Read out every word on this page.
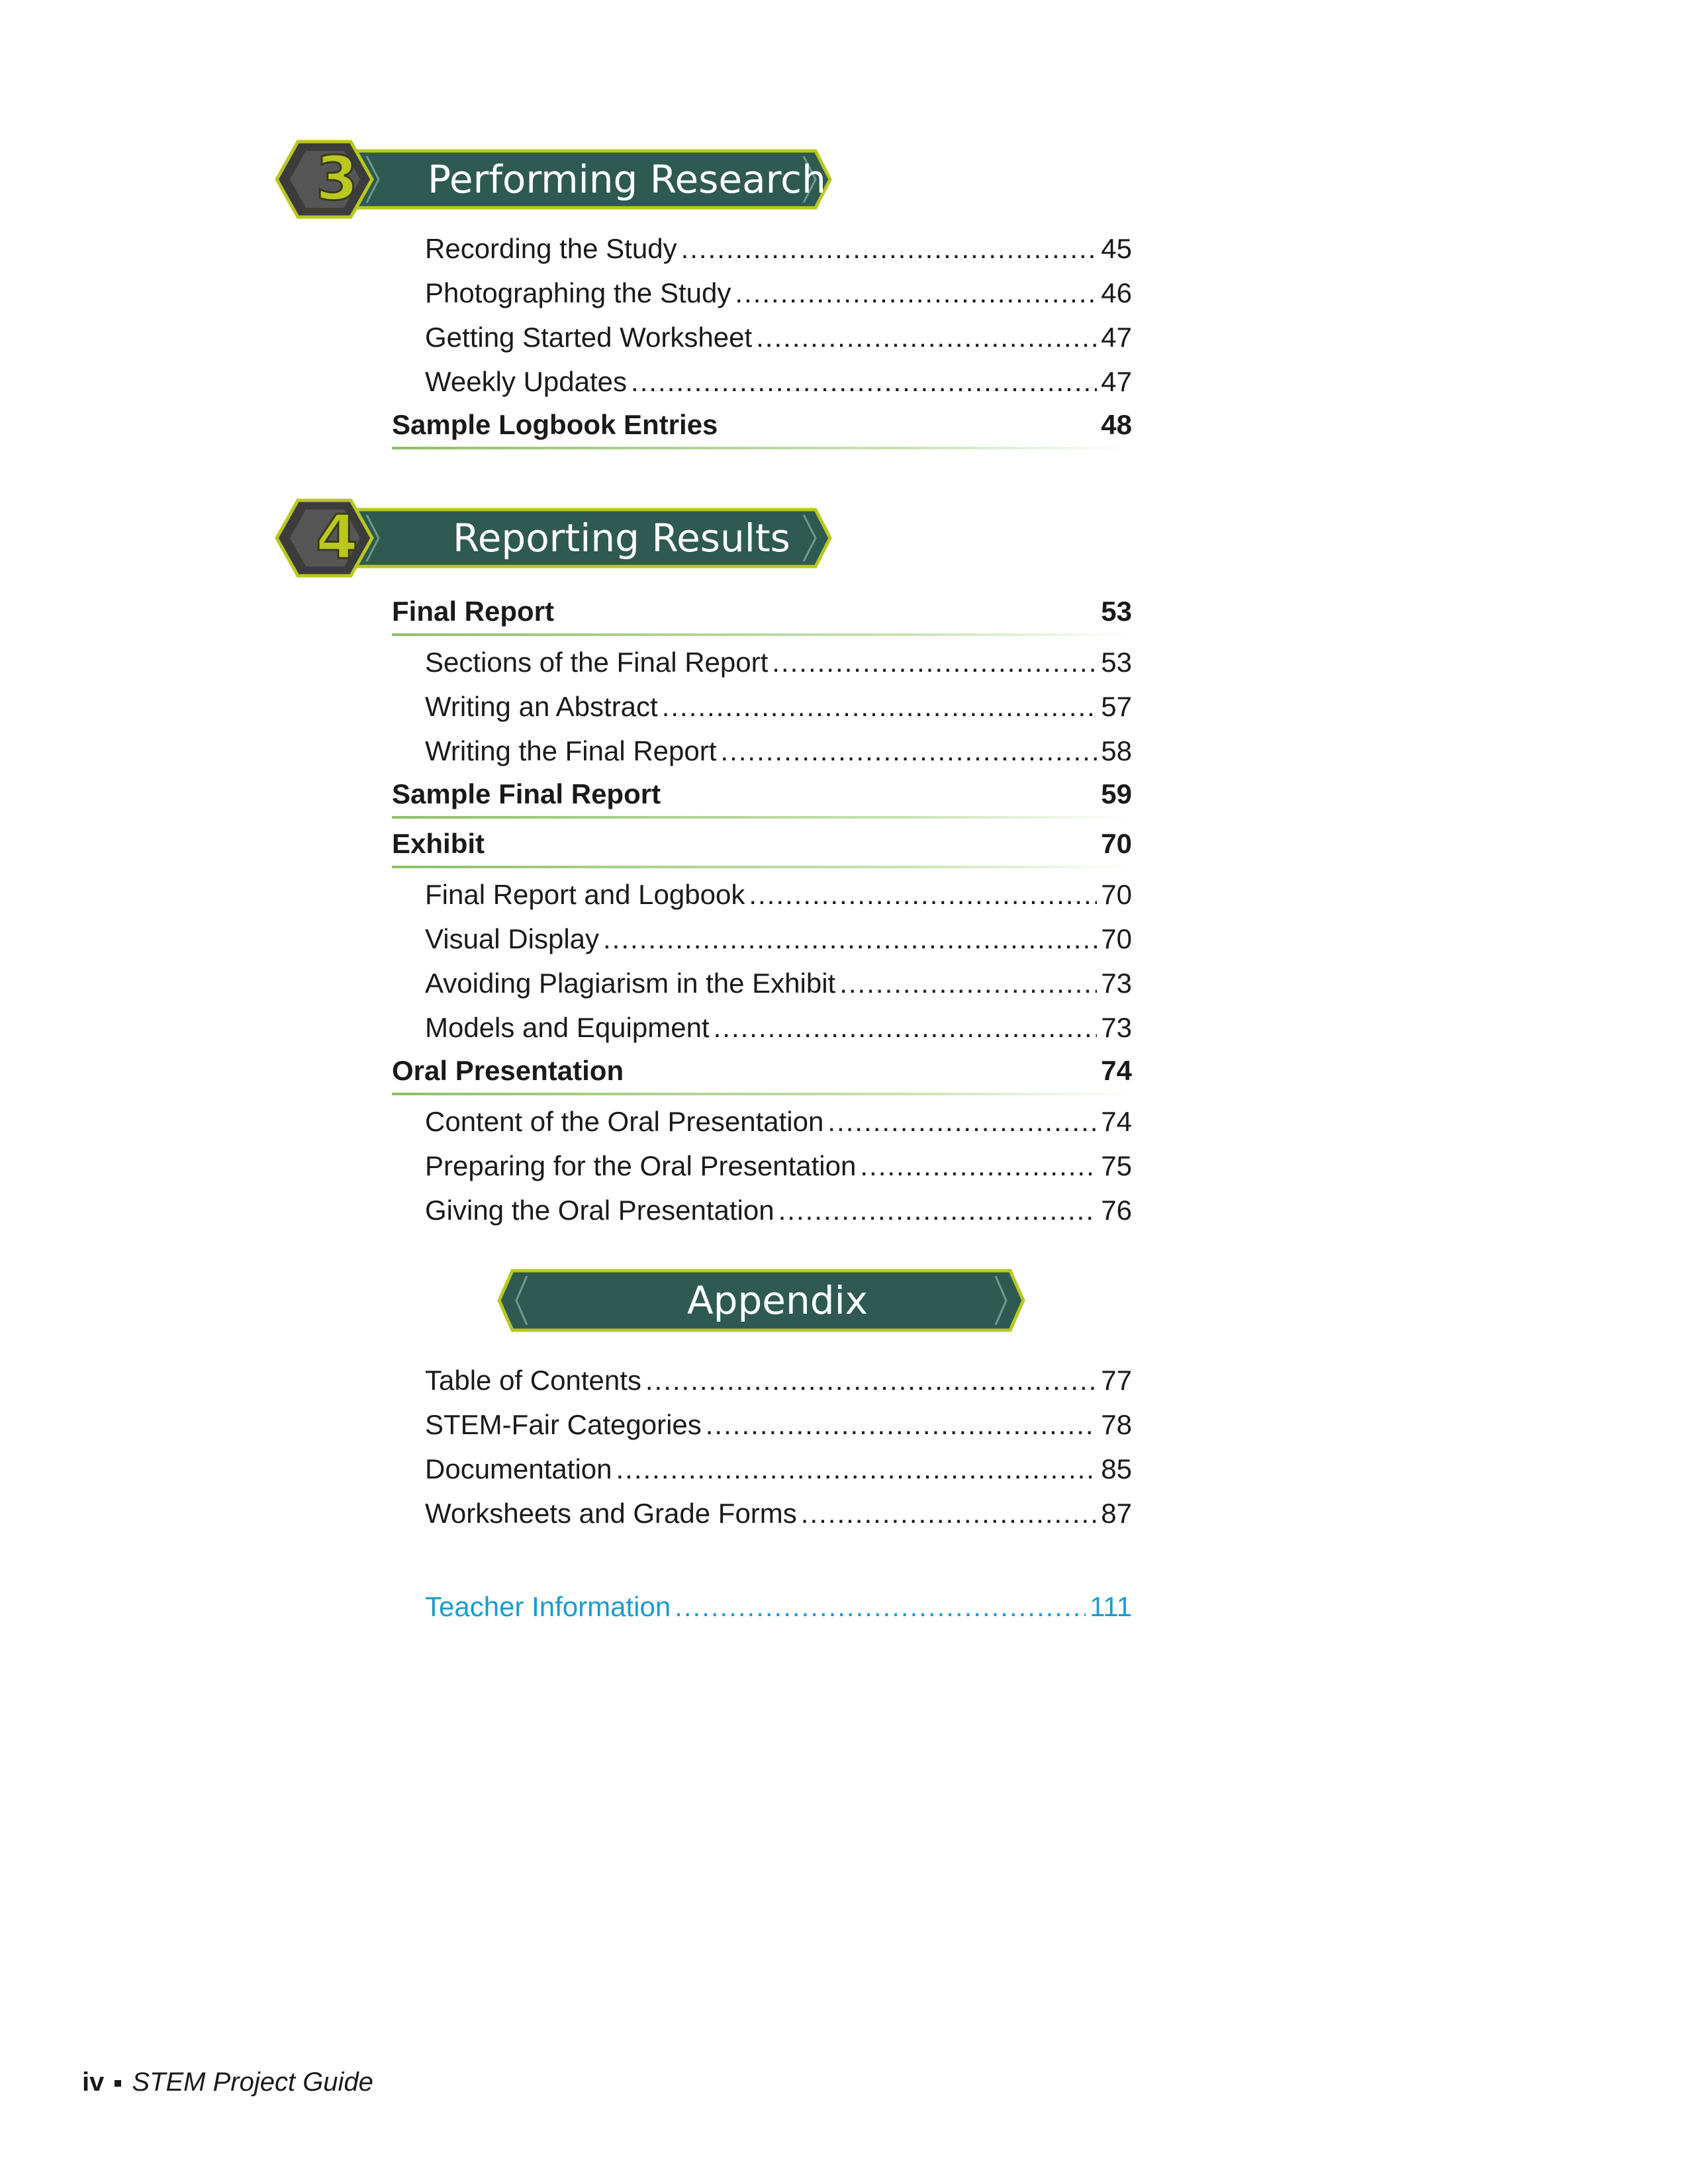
3	Performing Research
Recording the Study .....	45
Photographing the Study .....	46
Getting Started Worksheet .....	47
Weekly Updates .....	47
Sample Logbook Entries	48
4	Reporting Results
Final Report	53
Sections of the Final Report .....	53
Writing an Abstract .....	57
Writing the Final Report .....	58
Sample Final Report	59
Exhibit	70
Final Report and Logbook .....	70
Visual Display .....	70
Avoiding Plagiarism in the Exhibit .....	73
Models and Equipment .....	73
Oral Presentation	74
Content of the Oral Presentation .....	74
Preparing for the Oral Presentation .....	75
Giving the Oral Presentation .....	76
Appendix
Table of Contents .....	77
STEM-Fair Categories .....	78
Documentation .....	85
Worksheets and Grade Forms .....	87
Teacher Information .....	111
iv STEM Project Guide
